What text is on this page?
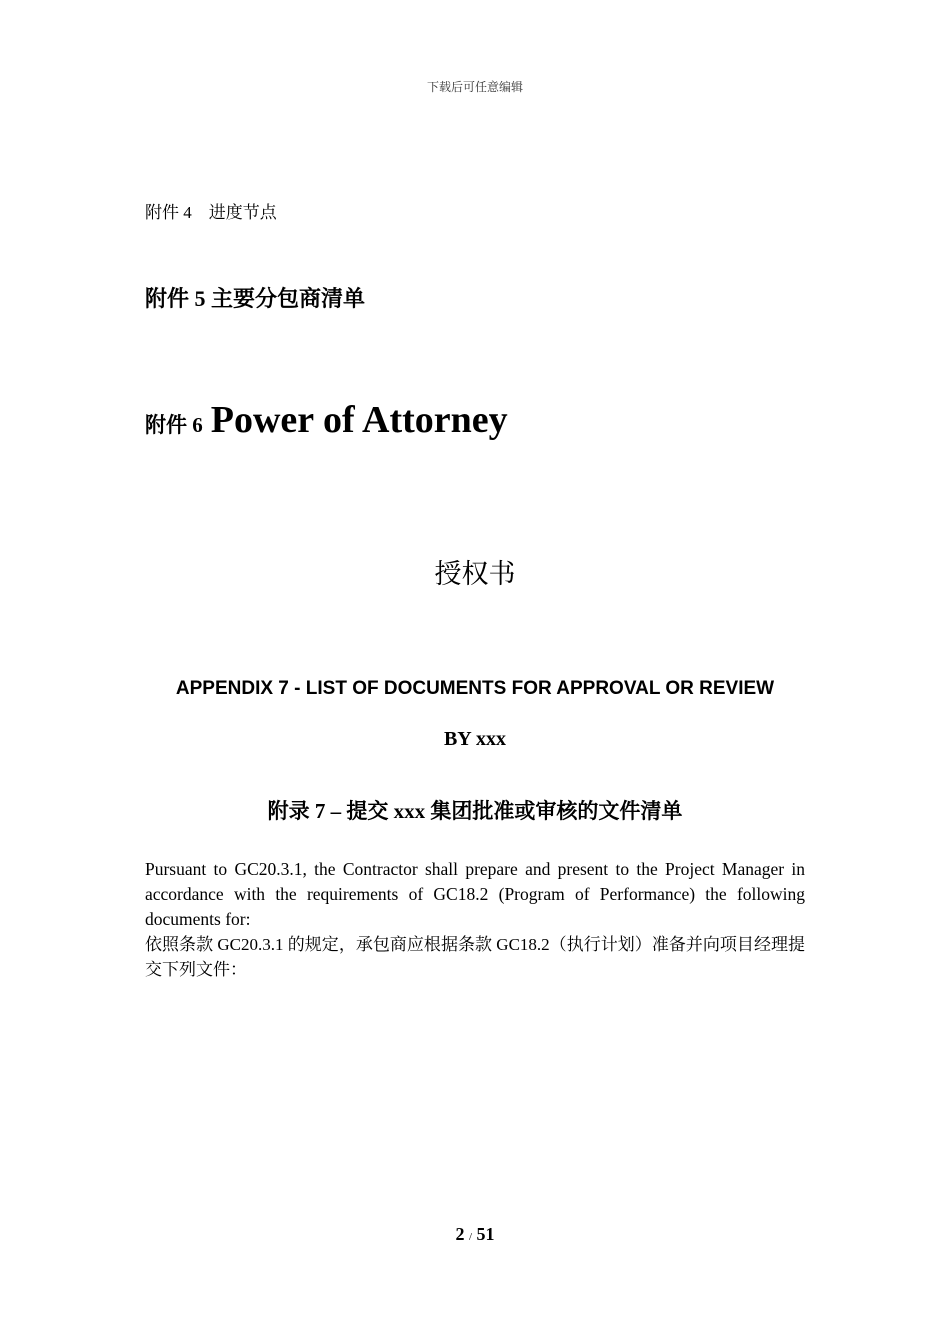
下载后可任意编辑
附件 4　进度节点
附件 5 主要分包商清单
附件 6 Power of Attorney
授权书
APPENDIX 7 - LIST OF DOCUMENTS FOR APPROVAL OR REVIEW
BY xxx
附录 7 – 提交 xxx 集团批准或审核的文件清单
Pursuant to GC20.3.1, the Contractor shall prepare and present to the Project Manager in accordance with the requirements of GC18.2 (Program of Performance) the following documents for:
依照条款 GC20.3.1 的规定，承包商应根据条款 GC18.2（执行计划）准备并向项目经理提交下列文件：
2 / 51
